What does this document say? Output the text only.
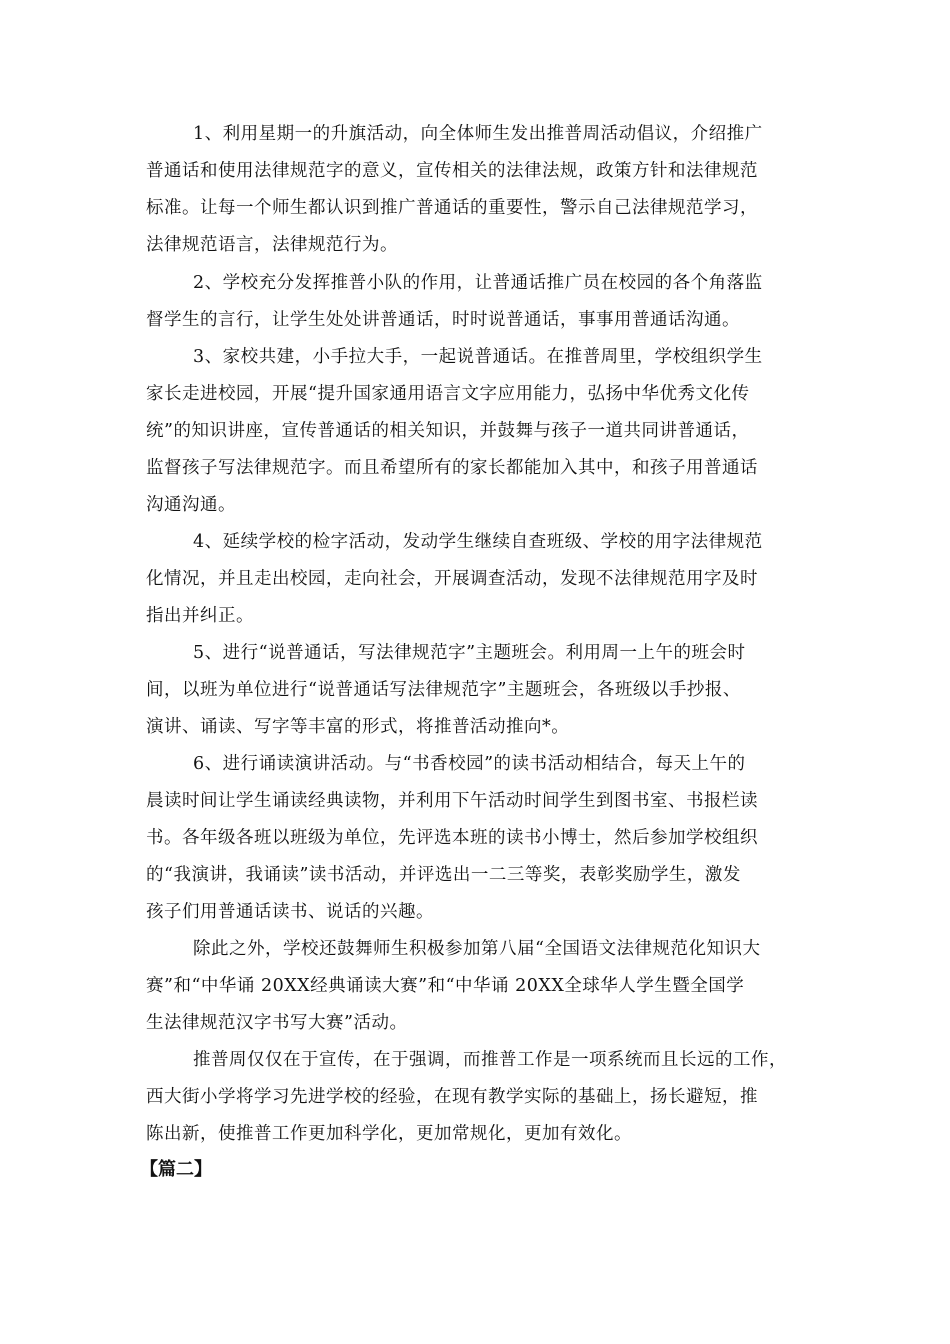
1、利用星期一的升旗活动，向全体师生发出推普周活动倡议，介绍推广
普通话和使用法律规范字的意义，宣传相关的法律法规，政策方针和法律规范
标准。让每一个师生都认识到推广普通话的重要性，警示自己法律规范学习，
法律规范语言，法律规范行为。
2、学校充分发挥推普小队的作用，让普通话推广员在校园的各个角落监
督学生的言行，让学生处处讲普通话，时时说普通话，事事用普通话沟通。
3、家校共建，小手拉大手，一起说普通话。在推普周里，学校组织学生
家长走进校园，开展“提升国家通用语言文字应用能力，弘扬中华优秀文化传
统”的知识讲座，宣传普通话的相关知识，并鼓舞与孩子一道共同讲普通话，
监督孩子写法律规范字。而且希望所有的家长都能加入其中，和孩子用普通话
沟通沟通。
4、延续学校的检字活动，发动学生继续自查班级、学校的用字法律规范
化情况，并且走出校园，走向社会，开展调查活动，发现不法律规范用字及时
指出并纠正。
5、进行“说普通话，写法律规范字”主题班会。利用周一上午的班会时
间，以班为单位进行“说普通话写法律规范字”主题班会，各班级以手抄报、
演讲、诵读、写字等丰富的形式，将推普活动推向*。
6、进行诵读演讲活动。与“书香校园”的读书活动相结合，每天上午的
晨读时间让学生诵读经典读物，并利用下午活动时间学生到图书室、书报栏读
书。各年级各班以班级为单位，先评选本班的读书小博士，然后参加学校组织
的“我演讲，我诵读”读书活动，并评选出一二三等奖，表彰奖励学生，激发
孩子们用普通话读书、说话的兴趣。
除此之外，学校还鼓舞师生积极参加第八届“全国语文法律规范化知识大
赛”和“中华诵 20XX经典诵读大赛”和“中华诵 20XX全球华人学生暨全国学
生法律规范汉字书写大赛”活动。
推普周仅仅在于宣传，在于强调，而推普工作是一项系统而且长远的工作，
西大街小学将学习先进学校的经验，在现有教学实际的基础上，扬长避短，推
陈出新，使推普工作更加科学化，更加常规化，更加有效化。
【篇二】
